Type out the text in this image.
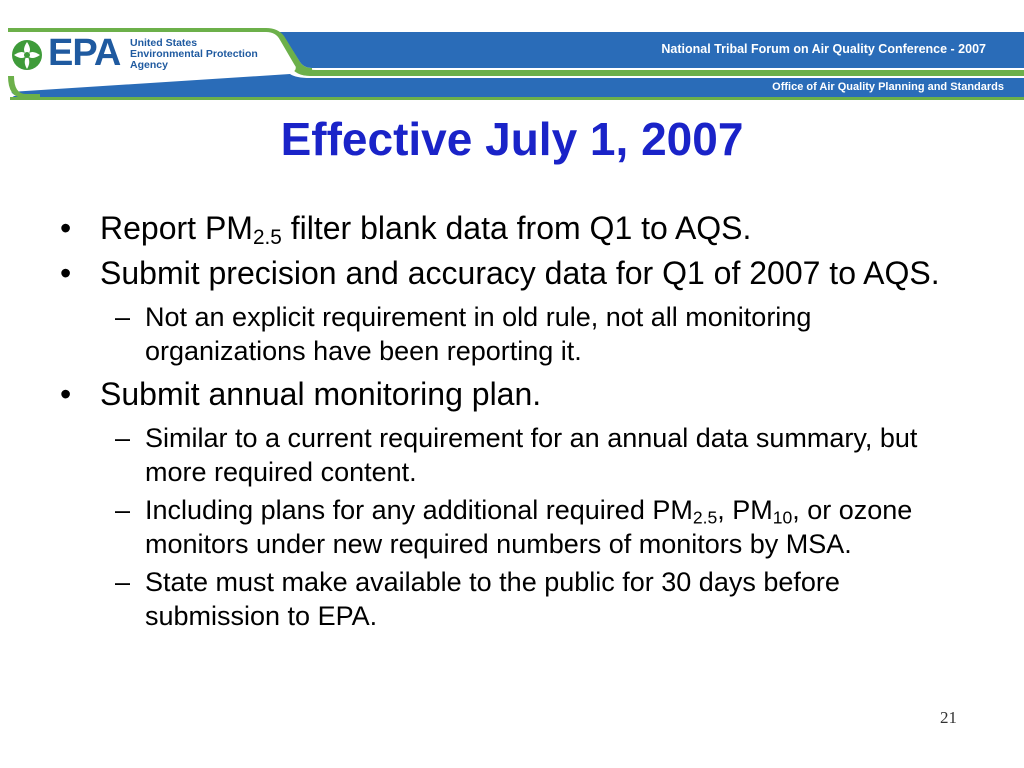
EPA United States
Environmental Protection
Agency
National Tribal Forum on Air Quality Conference - 2007
Office of Air Quality Planning and Standards
Effective July 1, 2007
• Report $PM_{2.5}$ filter blank data from Q1 to AQS.
• Submit precision and accuracy data for Q1 of 2007 to AQS.
– Not an explicit requirement in old rule, not all monitoring organizations have been reporting it.
• Submit annual monitoring plan.
– Similar to a current requirement for an annual data summary, but more required content.
– Including plans for any additional required $PM_{2.5}$, $PM_{10}$, or ozone monitors under new required numbers of monitors by MSA.
– State must make available to the public for 30 days before submission to EPA.
21
